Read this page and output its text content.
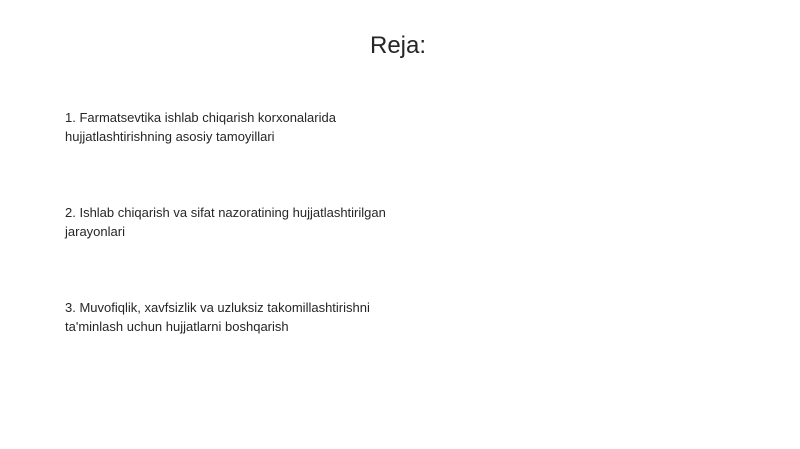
Reja:
1. Farmatsevtika ishlab chiqarish korxonalarida
hujjatlashtirishning asosiy tamoyillari
2. Ishlab chiqarish va sifat nazoratining hujjatlashtirilgan
jarayonlari
3. Muvofiqlik, xavfsizlik va uzluksiz takomillashtirishni
ta'minlash uchun hujjatlarni boshqarish
